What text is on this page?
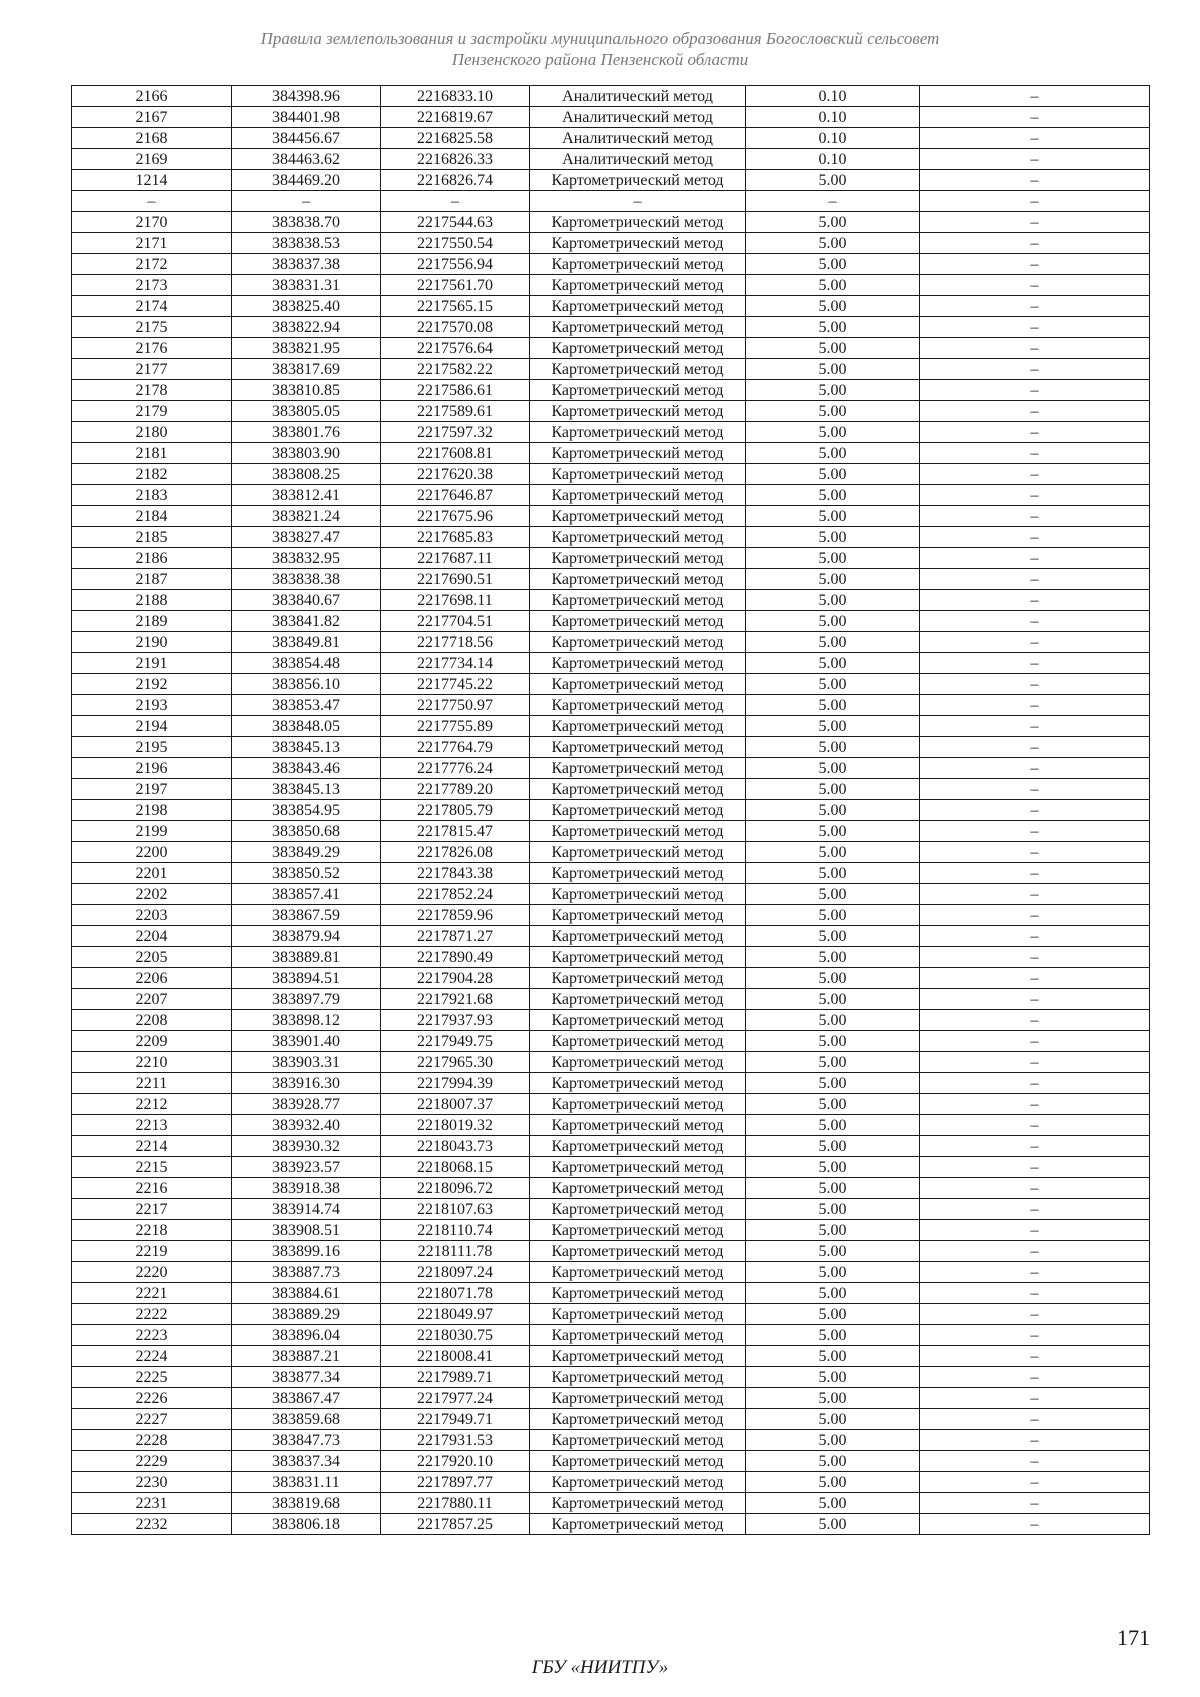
Правила землепользования и застройки муниципального образования Богословский сельсовет
Пензенского района Пензенской области
2166	384398.96	2216833.10	Аналитический метод	0.10	–
2167	384401.98	2216819.67	Аналитический метод	0.10	–
2168	384456.67	2216825.58	Аналитический метод	0.10	–
2169	384463.62	2216826.33	Аналитический метод	0.10	–
1214	384469.20	2216826.74	Картометрический метод	5.00	–
–	–	–	–	–	–
2170	383838.70	2217544.63	Картометрический метод	5.00	–
2171	383838.53	2217550.54	Картометрический метод	5.00	–
2172	383837.38	2217556.94	Картометрический метод	5.00	–
2173	383831.31	2217561.70	Картометрический метод	5.00	–
2174	383825.40	2217565.15	Картометрический метод	5.00	–
2175	383822.94	2217570.08	Картометрический метод	5.00	–
2176	383821.95	2217576.64	Картометрический метод	5.00	–
2177	383817.69	2217582.22	Картометрический метод	5.00	–
2178	383810.85	2217586.61	Картометрический метод	5.00	–
2179	383805.05	2217589.61	Картометрический метод	5.00	–
2180	383801.76	2217597.32	Картометрический метод	5.00	–
2181	383803.90	2217608.81	Картометрический метод	5.00	–
2182	383808.25	2217620.38	Картометрический метод	5.00	–
2183	383812.41	2217646.87	Картометрический метод	5.00	–
2184	383821.24	2217675.96	Картометрический метод	5.00	–
2185	383827.47	2217685.83	Картометрический метод	5.00	–
2186	383832.95	2217687.11	Картометрический метод	5.00	–
2187	383838.38	2217690.51	Картометрический метод	5.00	–
2188	383840.67	2217698.11	Картометрический метод	5.00	–
2189	383841.82	2217704.51	Картометрический метод	5.00	–
2190	383849.81	2217718.56	Картометрический метод	5.00	–
2191	383854.48	2217734.14	Картометрический метод	5.00	–
2192	383856.10	2217745.22	Картометрический метод	5.00	–
2193	383853.47	2217750.97	Картометрический метод	5.00	–
2194	383848.05	2217755.89	Картометрический метод	5.00	–
2195	383845.13	2217764.79	Картометрический метод	5.00	–
2196	383843.46	2217776.24	Картометрический метод	5.00	–
2197	383845.13	2217789.20	Картометрический метод	5.00	–
2198	383854.95	2217805.79	Картометрический метод	5.00	–
2199	383850.68	2217815.47	Картометрический метод	5.00	–
2200	383849.29	2217826.08	Картометрический метод	5.00	–
2201	383850.52	2217843.38	Картометрический метод	5.00	–
2202	383857.41	2217852.24	Картометрический метод	5.00	–
2203	383867.59	2217859.96	Картометрический метод	5.00	–
2204	383879.94	2217871.27	Картометрический метод	5.00	–
2205	383889.81	2217890.49	Картометрический метод	5.00	–
2206	383894.51	2217904.28	Картометрический метод	5.00	–
2207	383897.79	2217921.68	Картометрический метод	5.00	–
2208	383898.12	2217937.93	Картометрический метод	5.00	–
2209	383901.40	2217949.75	Картометрический метод	5.00	–
2210	383903.31	2217965.30	Картометрический метод	5.00	–
2211	383916.30	2217994.39	Картометрический метод	5.00	–
2212	383928.77	2218007.37	Картометрический метод	5.00	–
2213	383932.40	2218019.32	Картометрический метод	5.00	–
2214	383930.32	2218043.73	Картометрический метод	5.00	–
2215	383923.57	2218068.15	Картометрический метод	5.00	–
2216	383918.38	2218096.72	Картометрический метод	5.00	–
2217	383914.74	2218107.63	Картометрический метод	5.00	–
2218	383908.51	2218110.74	Картометрический метод	5.00	–
2219	383899.16	2218111.78	Картометрический метод	5.00	–
2220	383887.73	2218097.24	Картометрический метод	5.00	–
2221	383884.61	2218071.78	Картометрический метод	5.00	–
2222	383889.29	2218049.97	Картометрический метод	5.00	–
2223	383896.04	2218030.75	Картометрический метод	5.00	–
2224	383887.21	2218008.41	Картометрический метод	5.00	–
2225	383877.34	2217989.71	Картометрический метод	5.00	–
2226	383867.47	2217977.24	Картометрический метод	5.00	–
2227	383859.68	2217949.71	Картометрический метод	5.00	–
2228	383847.73	2217931.53	Картометрический метод	5.00	–
2229	383837.34	2217920.10	Картометрический метод	5.00	–
2230	383831.11	2217897.77	Картометрический метод	5.00	–
2231	383819.68	2217880.11	Картометрический метод	5.00	–
2232	383806.18	2217857.25	Картометрический метод	5.00	–
171
ГБУ «НИИТПУ»
